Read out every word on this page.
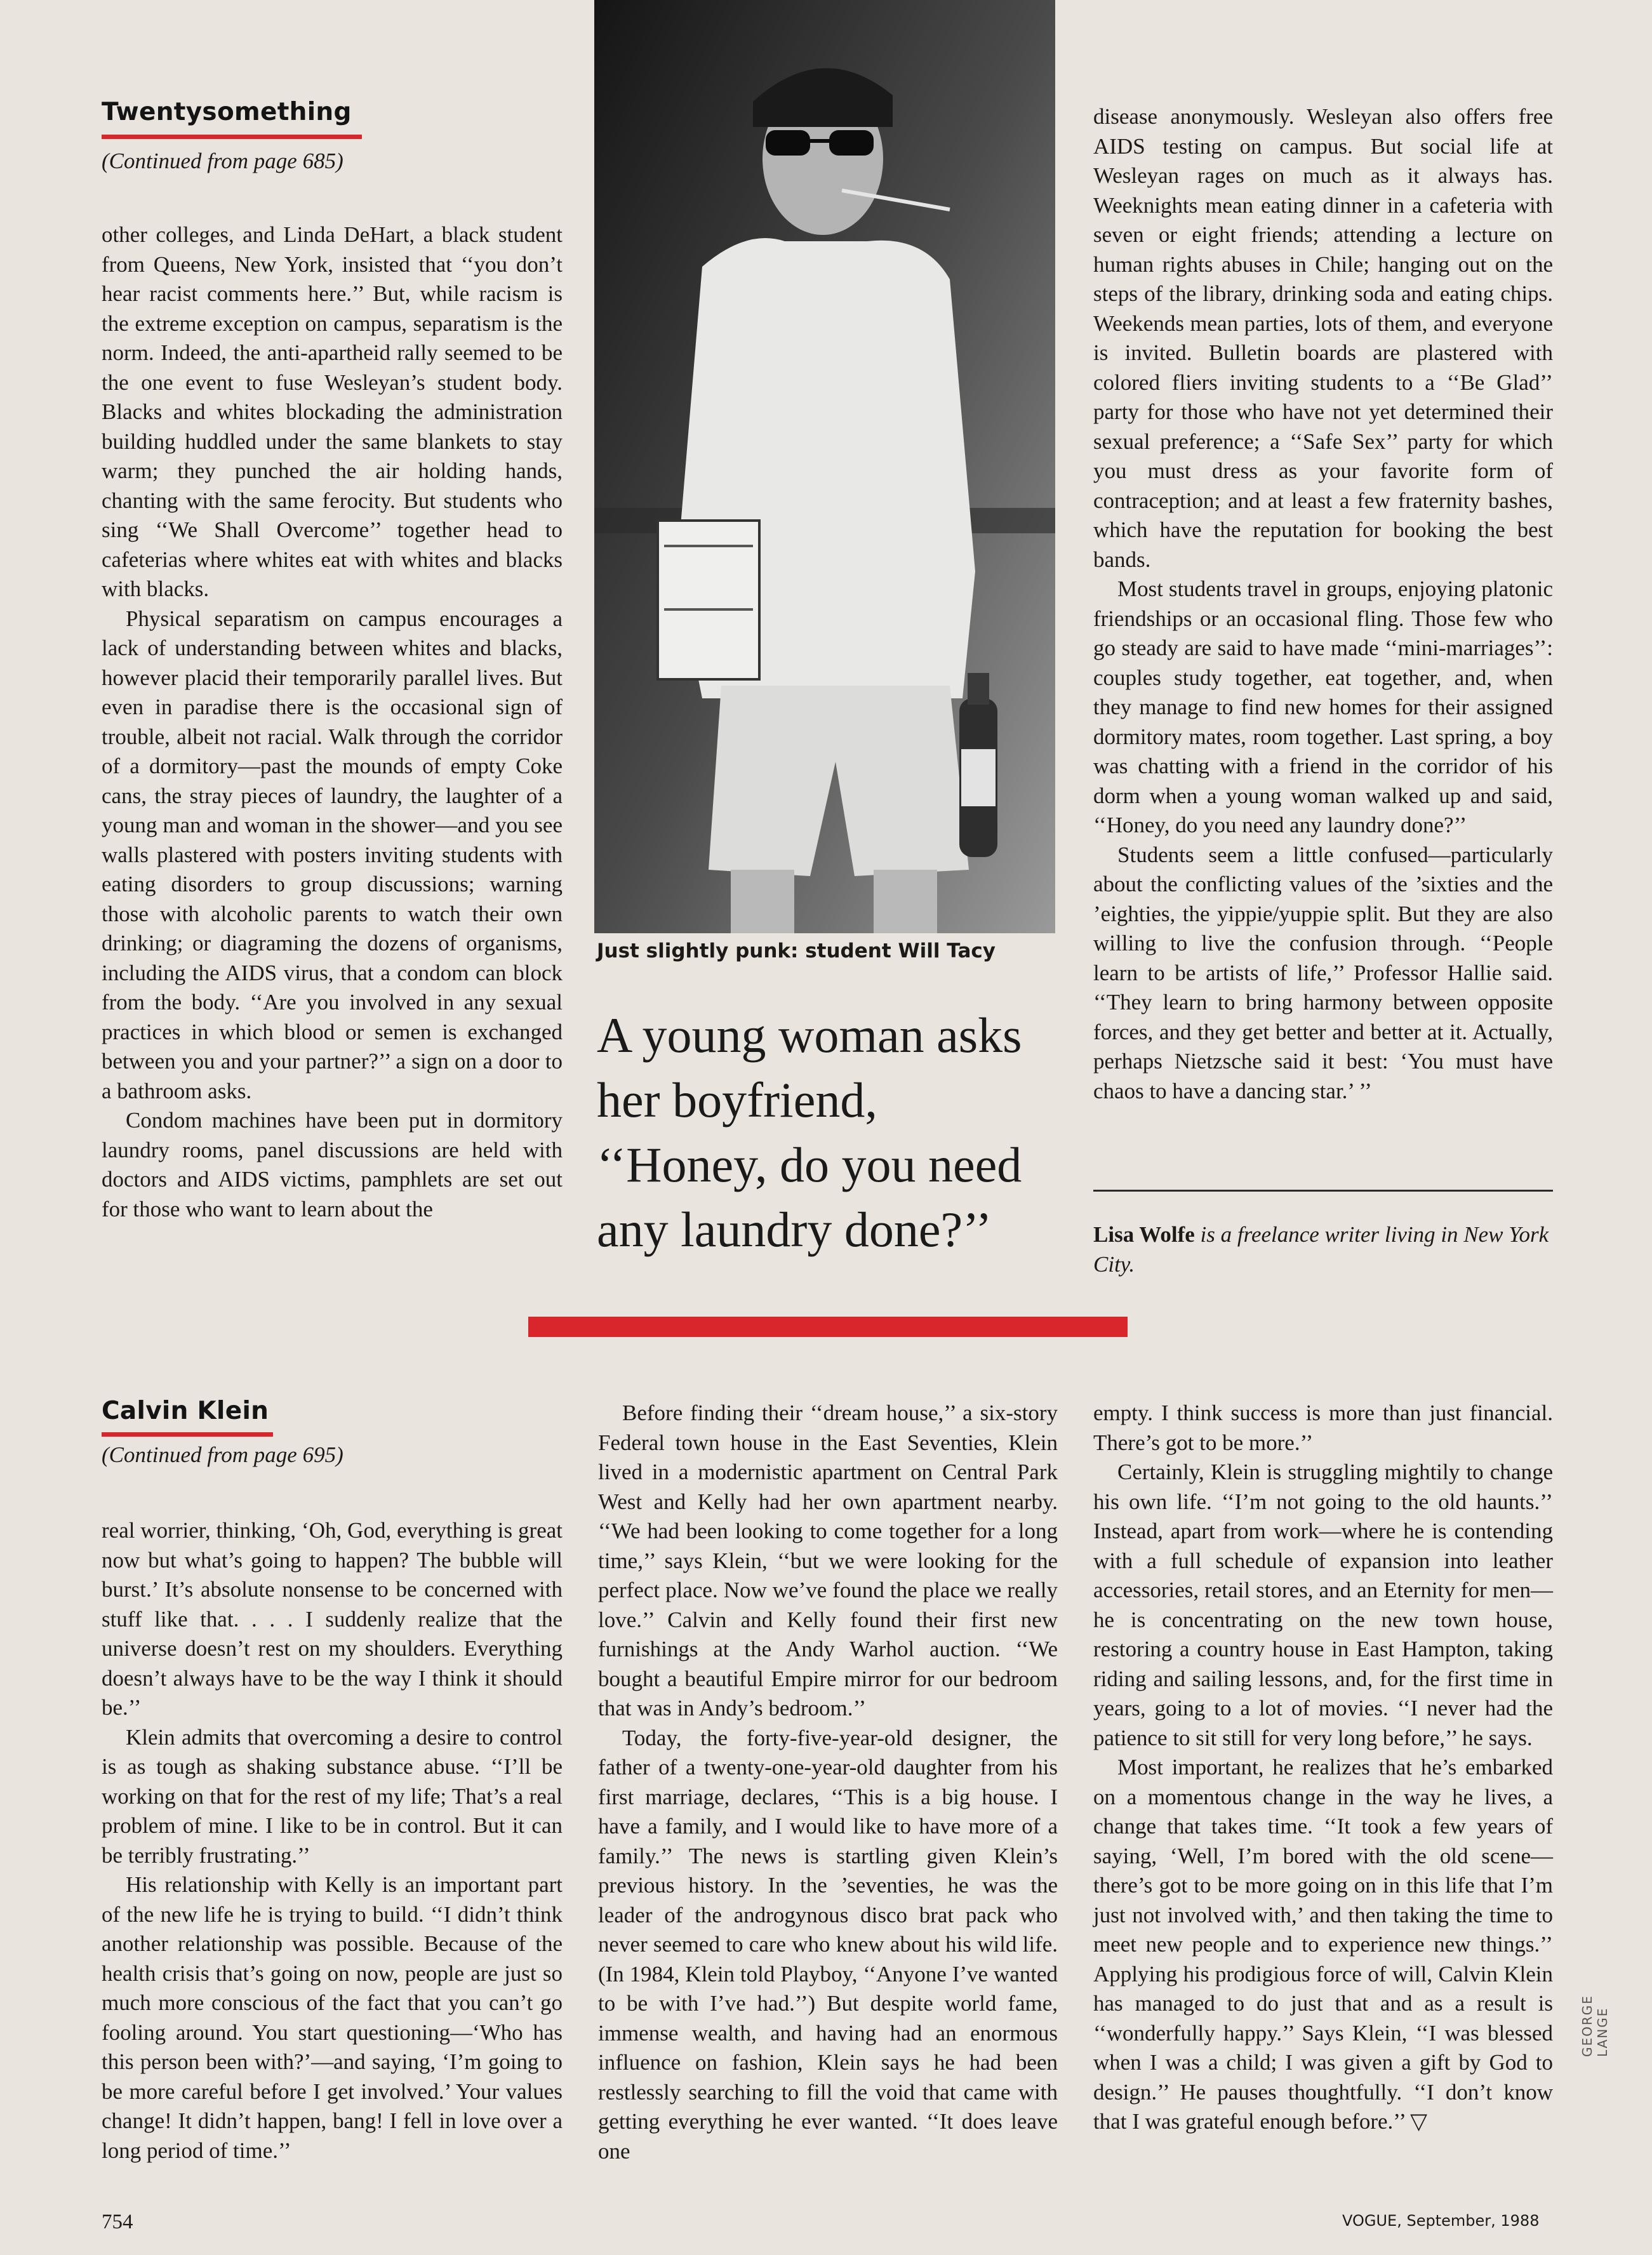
Twentysomething
(Continued from page 685)

other colleges, and Linda DeHart, a black student from Queens, New York, insisted that ‘‘you don’t hear racist comments here.’’ But, while racism is the extreme exception on campus, separatism is the norm. Indeed, the anti-apartheid rally seemed to be the one event to fuse Wesleyan’s student body. Blacks and whites blockading the administration building huddled under the same blankets to stay warm; they punched the air holding hands, chanting with the same ferocity. But students who sing ‘‘We Shall Overcome’’ together head to cafeterias where whites eat with whites and blacks with blacks.

Physical separatism on campus encourages a lack of understanding between whites and blacks, however placid their temporarily parallel lives. But even in paradise there is the occasional sign of trouble, albeit not racial. Walk through the corridor of a dormitory—past the mounds of empty Coke cans, the stray pieces of laundry, the laughter of a young man and woman in the shower—and you see walls plastered with posters inviting students with eating disorders to group discussions; warning those with alcoholic parents to watch their own drinking; or diagraming the dozens of organisms, including the AIDS virus, that a condom can block from the body. ‘‘Are you involved in any sexual practices in which blood or semen is exchanged between you and your partner?’’ a sign on a door to a bathroom asks.

Condom machines have been put in dormitory laundry rooms, panel discussions are held with doctors and AIDS victims, pamphlets are set out for those who want to learn about the

Just slightly punk: student Will Tacy
A young woman asks her boyfriend, ‘‘Honey, do you need any laundry done?’’

disease anonymously. Wesleyan also offers free AIDS testing on campus. But social life at Wesleyan rages on much as it always has. Weeknights mean eating dinner in a cafeteria with seven or eight friends; attending a lecture on human rights abuses in Chile; hanging out on the steps of the library, drinking soda and eating chips. Weekends mean parties, lots of them, and everyone is invited. Bulletin boards are plastered with colored fliers inviting students to a ‘‘Be Glad’’ party for those who have not yet determined their sexual preference; a ‘‘Safe Sex’’ party for which you must dress as your favorite form of contraception; and at least a few fraternity bashes, which have the reputation for booking the best bands.

Most students travel in groups, enjoying platonic friendships or an occasional fling. Those few who go steady are said to have made ‘‘mini-marriages’’: couples study together, eat together, and, when they manage to find new homes for their assigned dormitory mates, room together. Last spring, a boy was chatting with a friend in the corridor of his dorm when a young woman walked up and said, ‘‘Honey, do you need any laundry done?’’

Students seem a little confused—particularly about the conflicting values of the ’sixties and the ’eighties, the yippie/yuppie split. But they are also willing to live the confusion through. ‘‘People learn to be artists of life,’’ Professor Hallie said. ‘‘They learn to bring harmony between opposite forces, and they get better and better at it. Actually, perhaps Nietzsche said it best: ‘You must have chaos to have a dancing star.’ ’’

Lisa Wolfe is a freelance writer living in New York City.
Calvin Klein
(Continued from page 695)

real worrier, thinking, ‘Oh, God, everything is great now but what’s going to happen? The bubble will burst.’ It’s absolute nonsense to be concerned with stuff like that. . . . I suddenly realize that the universe doesn’t rest on my shoulders. Everything doesn’t always have to be the way I think it should be.’’

Klein admits that overcoming a desire to control is as tough as shaking substance abuse. ‘‘I’ll be working on that for the rest of my life; That’s a real problem of mine. I like to be in control. But it can be terribly frustrating.’’

His relationship with Kelly is an important part of the new life he is trying to build. ‘‘I didn’t think another relationship was possible. Because of the health crisis that’s going on now, people are just so much more conscious of the fact that you can’t go fooling around. You start questioning—‘Who has this person been with?’—and saying, ‘I’m going to be more careful before I get involved.’ Your values change! It didn’t happen, bang! I fell in love over a long period of time.’’

Before finding their ‘‘dream house,’’ a six-story Federal town house in the East Seventies, Klein lived in a modernistic apartment on Central Park West and Kelly had her own apartment nearby. ‘‘We had been looking to come together for a long time,’’ says Klein, ‘‘but we were looking for the perfect place. Now we’ve found the place we really love.’’ Calvin and Kelly found their first new furnishings at the Andy Warhol auction. ‘‘We bought a beautiful Empire mirror for our bedroom that was in Andy’s bedroom.’’

Today, the forty-five-year-old designer, the father of a twenty-one-year-old daughter from his first marriage, declares, ‘‘This is a big house. I have a family, and I would like to have more of a family.’’ The news is startling given Klein’s previous history. In the ’seventies, he was the leader of the androgynous disco brat pack who never seemed to care who knew about his wild life. (In 1984, Klein told Playboy, ‘‘Anyone I’ve wanted to be with I’ve had.’’) But despite world fame, immense wealth, and having had an enormous influence on fashion, Klein says he had been restlessly searching to fill the void that came with getting everything he ever wanted. ‘‘It does leave one

empty. I think success is more than just financial. There’s got to be more.’’

Certainly, Klein is struggling mightily to change his own life. ‘‘I’m not going to the old haunts.’’ Instead, apart from work—where he is contending with a full schedule of expansion into leather accessories, retail stores, and an Eternity for men—he is concentrating on the new town house, restoring a country house in East Hampton, taking riding and sailing lessons, and, for the first time in years, going to a lot of movies. ‘‘I never had the patience to sit still for very long before,’’ he says.

Most important, he realizes that he’s embarked on a momentous change in the way he lives, a change that takes time. ‘‘It took a few years of saying, ‘Well, I’m bored with the old scene—there’s got to be more going on in this life that I’m just not involved with,’ and then taking the time to meet new people and to experience new things.’’ Applying his prodigious force of will, Calvin Klein has managed to do just that and as a result is ‘‘wonderfully happy.’’ Says Klein, ‘‘I was blessed when I was a child; I was given a gift by God to design.’’ He pauses thoughtfully. ‘‘I don’t know that I was grateful enough before.’’ ▽

GEORGE LANGE
754	VOGUE, September, 1988
